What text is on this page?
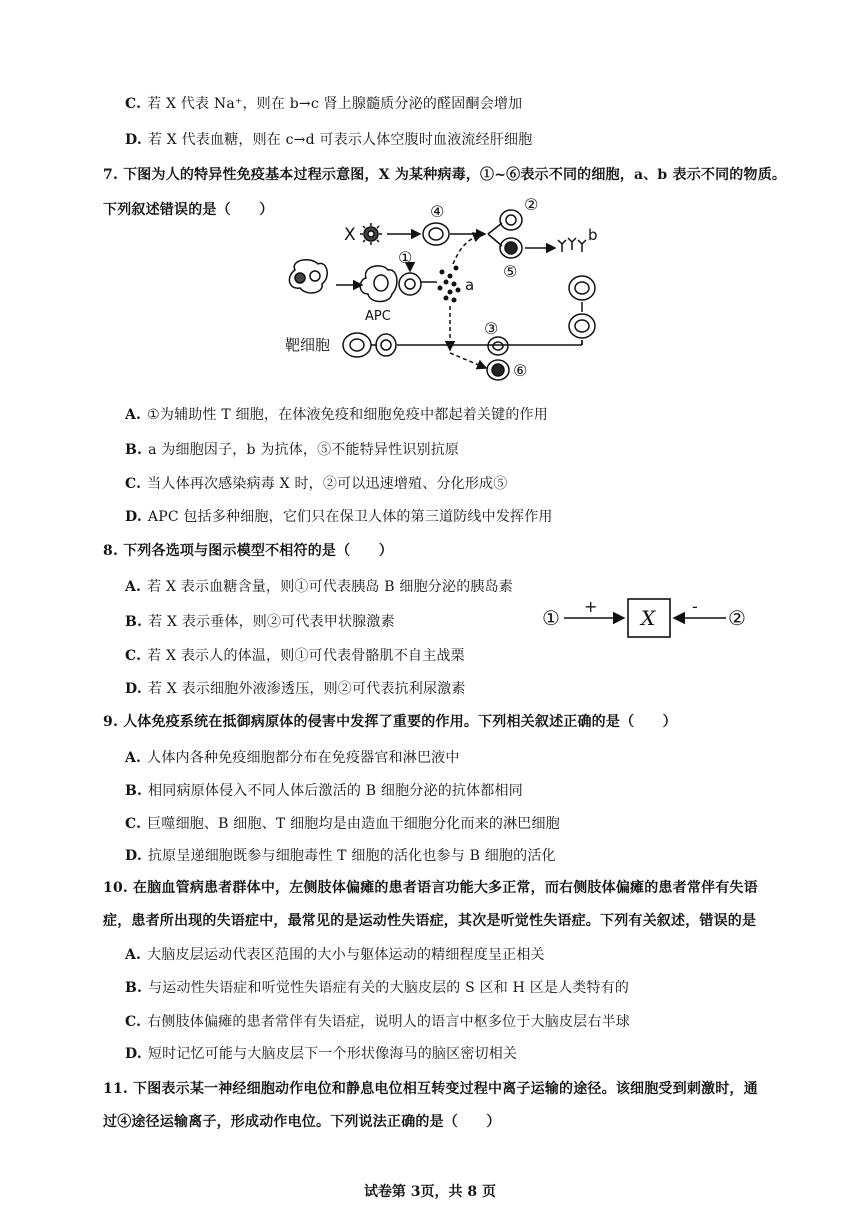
C. 若 X 代表 Na⁺，则在 b→c 肾上腺髓质分泌的醛固酮会增加
D. 若 X 代表血糖，则在 c→d 可表示人体空腹时血液流经肝细胞
7. 下图为人的特异性免疫基本过程示意图，X 为某种病毒，①~⑥表示不同的细胞，a、b 表示不同的物质。
下列叙述错误的是（　　）
X
④	②
⑤
b
APC
①
a
靶细胞
③
⑥
A. ①为辅助性 T 细胞，在体液免疫和细胞免疫中都起着关键的作用
B. a 为细胞因子，b 为抗体，⑤不能特异性识别抗原
C. 当人体再次感染病毒 X 时，②可以迅速增殖、分化形成⑤
D. APC 包括多种细胞，它们只在保卫人体的第三道防线中发挥作用
8. 下列各选项与图示模型不相符的是（　　）
A. 若 X 表示血糖含量，则①可代表胰岛 B 细胞分泌的胰岛素
B. 若 X 表示垂体，则②可代表甲状腺激素
C. 若 X 表示人的体温，则①可代表骨骼肌不自主战栗
D. 若 X 表示细胞外液渗透压，则②可代表抗利尿激素
① + X - ②
9. 人体免疫系统在抵御病原体的侵害中发挥了重要的作用。下列相关叙述正确的是（　　）
A. 人体内各种免疫细胞都分布在免疫器官和淋巴液中
B. 相同病原体侵入不同人体后激活的 B 细胞分泌的抗体都相同
C. 巨噬细胞、B 细胞、T 细胞均是由造血干细胞分化而来的淋巴细胞
D. 抗原呈递细胞既参与细胞毒性 T 细胞的活化也参与 B 细胞的活化
10. 在脑血管病患者群体中，左侧肢体偏瘫的患者语言功能大多正常，而右侧肢体偏瘫的患者常伴有失语
症，患者所出现的失语症中，最常见的是运动性失语症，其次是听觉性失语症。下列有关叙述，错误的是
A. 大脑皮层运动代表区范围的大小与躯体运动的精细程度呈正相关
B. 与运动性失语症和听觉性失语症有关的大脑皮层的 S 区和 H 区是人类特有的
C. 右侧肢体偏瘫的患者常伴有失语症，说明人的语言中枢多位于大脑皮层右半球
D. 短时记忆可能与大脑皮层下一个形状像海马的脑区密切相关
11. 下图表示某一神经细胞动作电位和静息电位相互转变过程中离子运输的途径。该细胞受到刺激时，通
过④途径运输离子，形成动作电位。下列说法正确的是（　　）
试卷第 3页，共 8 页
